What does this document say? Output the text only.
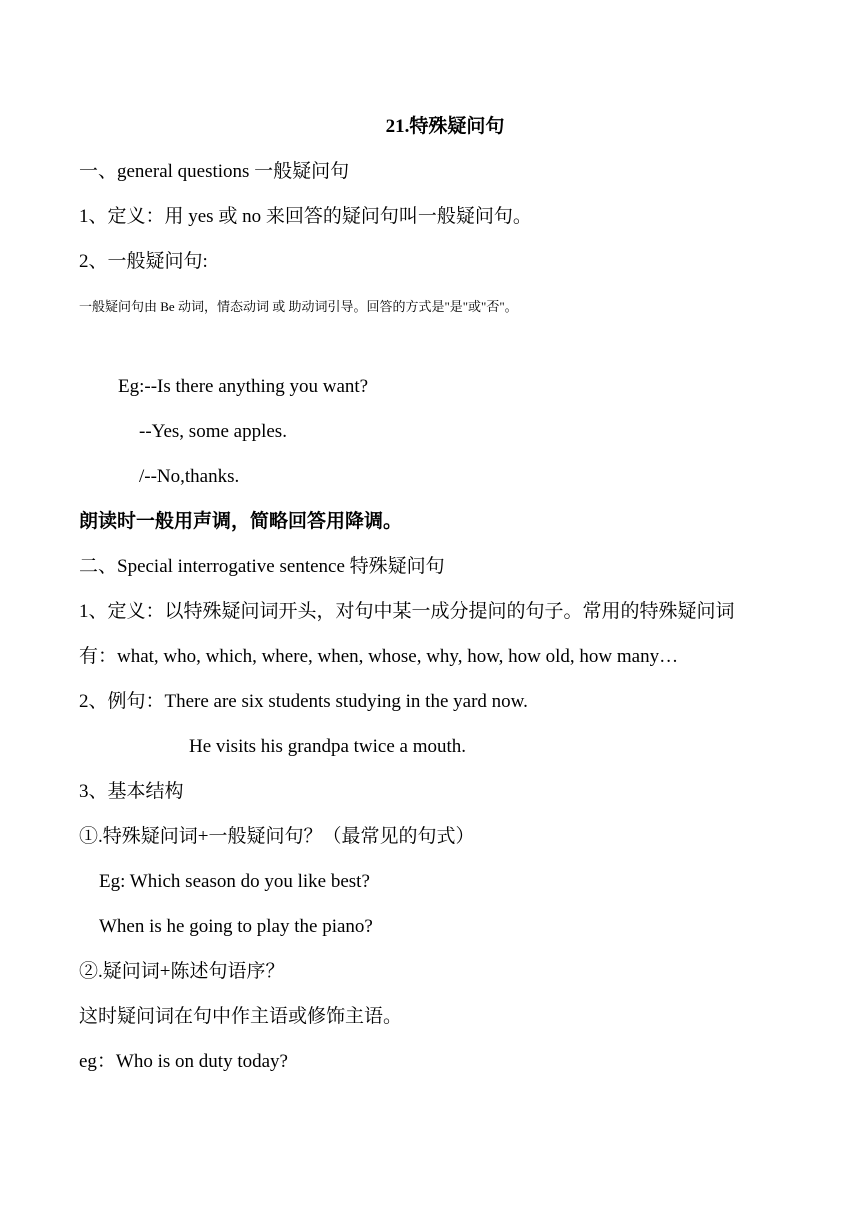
21.特殊疑问句
一、general questions 一般疑问句
1、定义：用 yes 或 no 来回答的疑问句叫一般疑问句。
2、一般疑问句:
一般疑问句由 Be 动词，情态动词 或 助动词引导。回答的方式是"是"或"否"。
Eg:--Is there anything you want?
--Yes, some apples.
/--No,thanks.
朗读时一般用声调，简略回答用降调。
二、Special interrogative sentence 特殊疑问句
1、定义：以特殊疑问词开头，对句中某一成分提问的句子。常用的特殊疑问词
有：what, who, which, where, when, whose, why, how, how old, how many…
2、例句：There are six students studying in the yard now.
He visits his grandpa twice a mouth.
3、基本结构
①.特殊疑问词+一般疑问句？（最常见的句式）
Eg: Which season do you like best?
When is he going to play the piano?
②.疑问词+陈述句语序？
这时疑问词在句中作主语或修饰主语。
eg：Who is on duty today?
